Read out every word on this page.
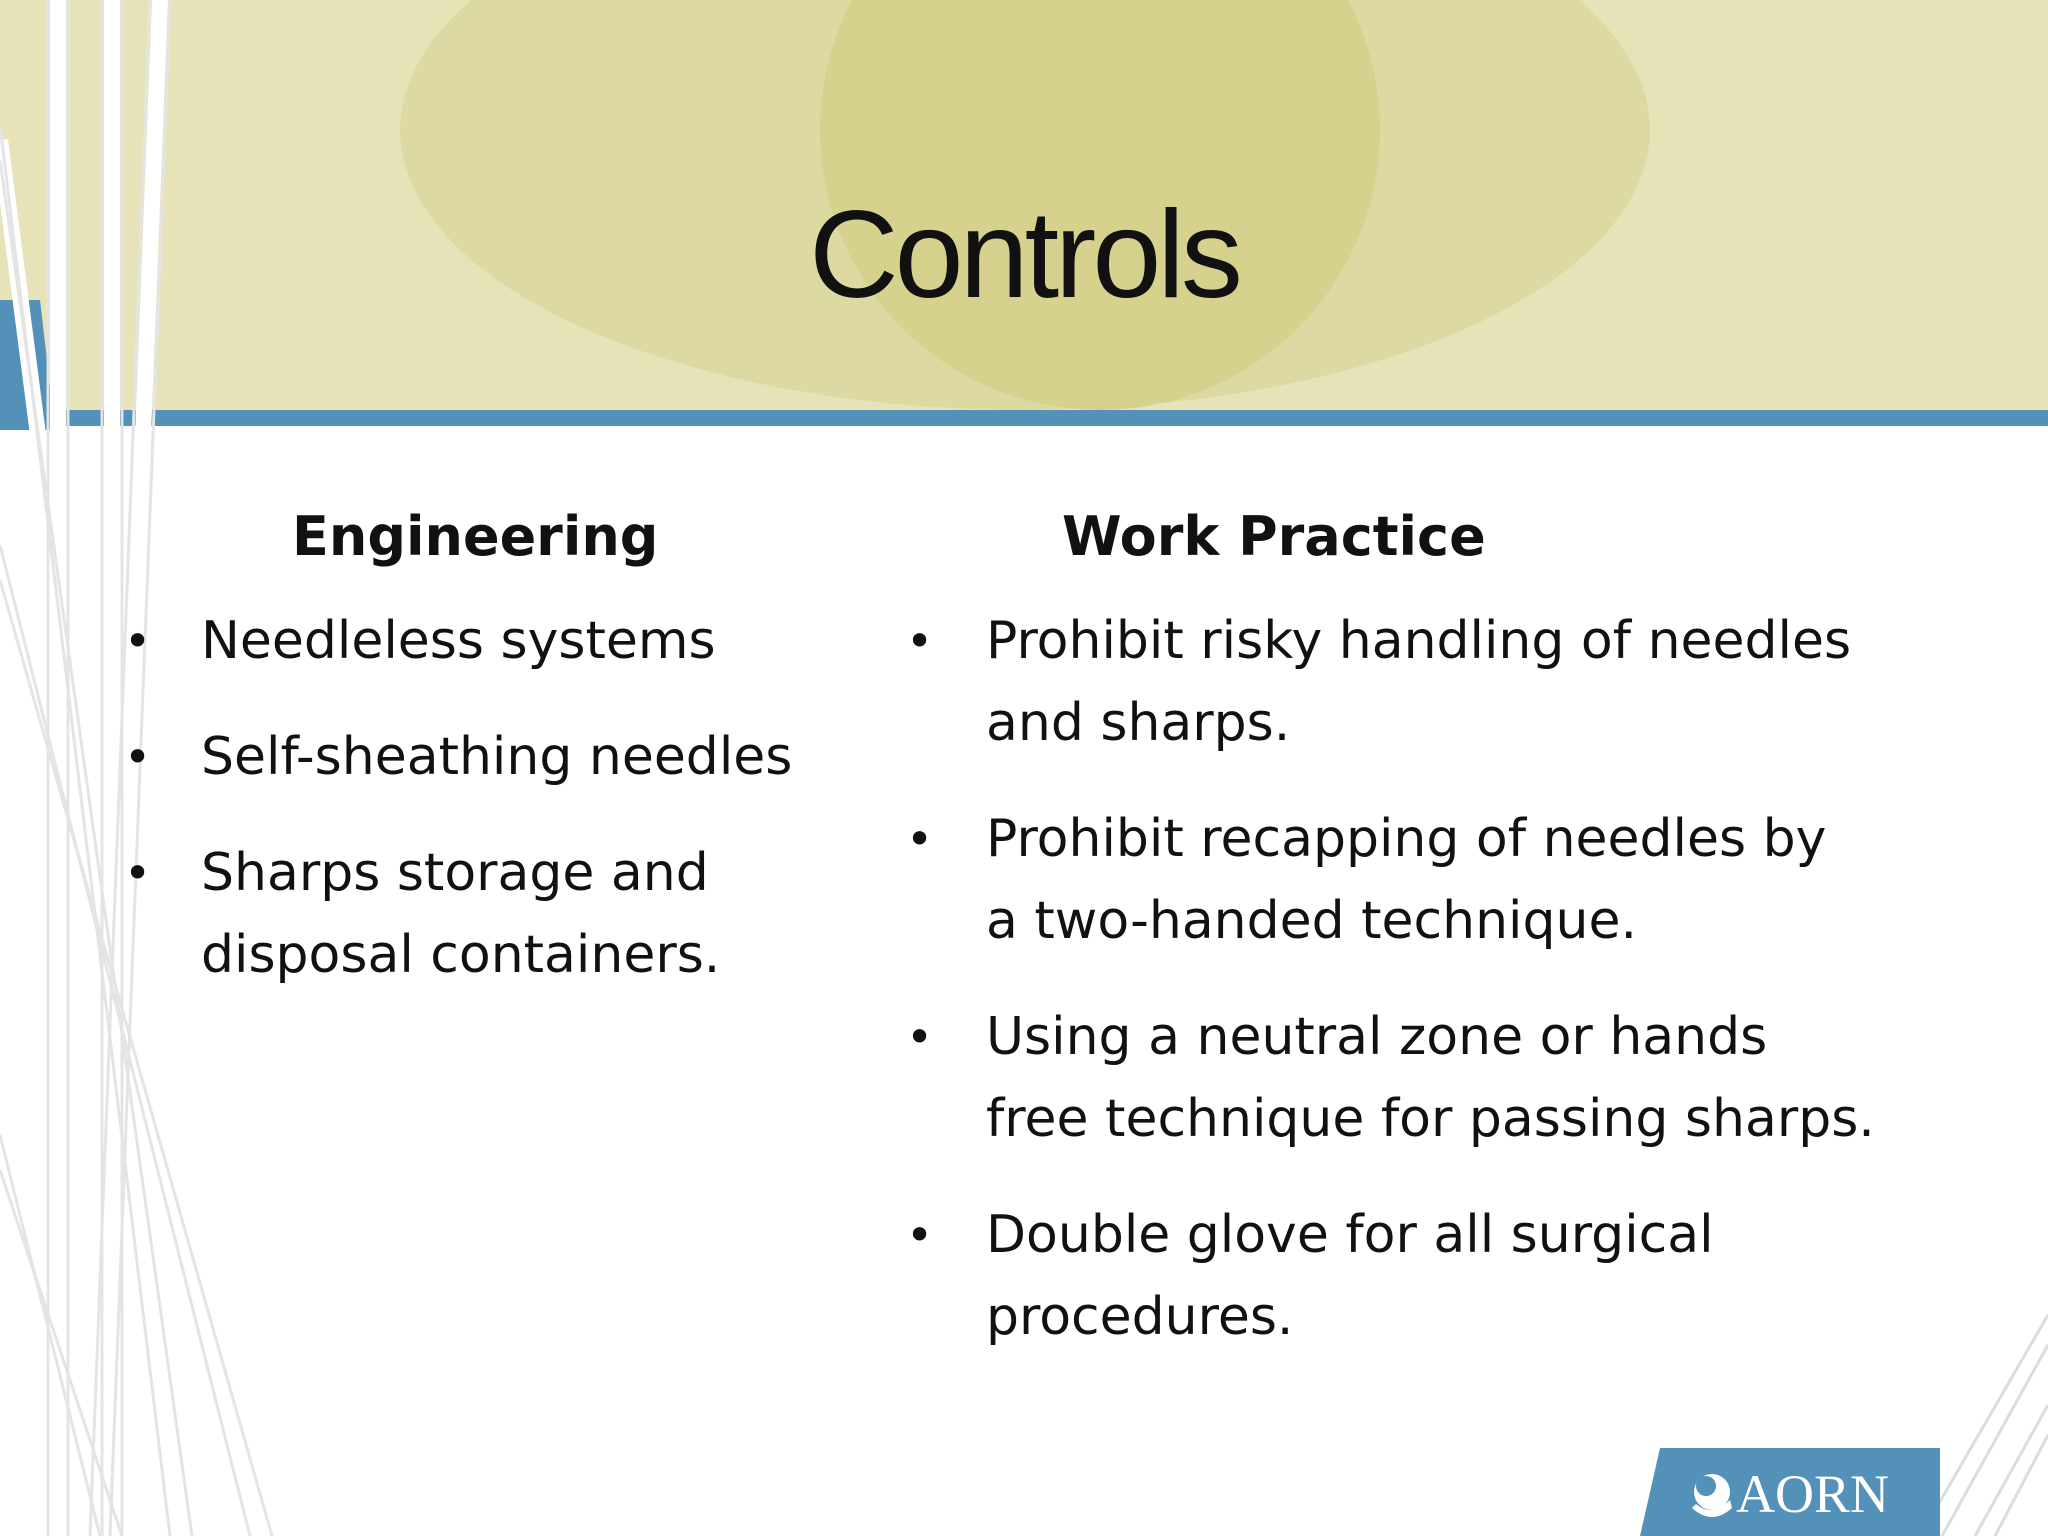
Controls
Engineering
• Needleless systems
• Self-sheathing needles
• Sharps storage and
disposal containers.
Work Practice
• Prohibit risky handling of needles
and sharps.
• Prohibit recapping of needles by
a two-handed technique.
• Using a neutral zone or hands
free technique for passing sharps.
• Double glove for all surgical
procedures.
AORN
